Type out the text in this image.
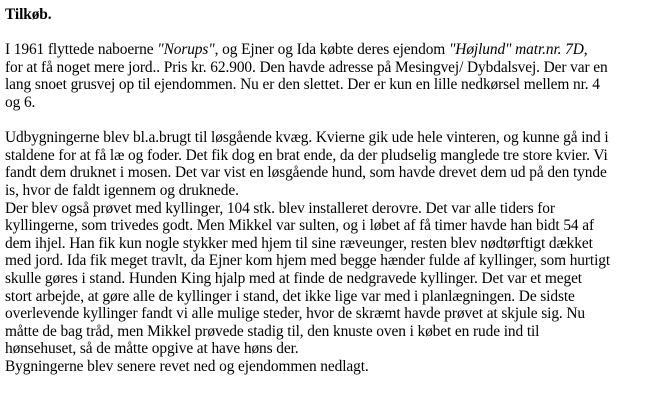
Tilkøb.
I 1961 flyttede naboerne "Norups", og Ejner og Ida købte deres ejendom "Højlund" matr.nr. 7D,
for at få noget mere jord.. Pris kr. 62.900. Den havde adresse på Mesingvej/ Dybdalsvej. Der var en
lang snoet grusvej op til ejendommen. Nu er den slettet. Der er kun en lille nedkørsel mellem nr. 4
og 6.
Udbygningerne blev bl.a.brugt til løsgående kvæg. Kvierne gik ude hele vinteren, og kunne gå ind i
staldene for at få læ og foder. Det fik dog en brat ende, da der pludselig manglede tre store kvier. Vi
fandt dem druknet i mosen. Det var vist en løsgående hund, som havde drevet dem ud på den tynde
is, hvor de faldt igennem og druknede.
Der blev også prøvet med kyllinger, 104 stk. blev installeret derovre. Det var alle tiders for
kyllingerne, som trivedes godt. Men Mikkel var sulten, og i løbet af få timer havde han bidt 54 af
dem ihjel. Han fik kun nogle stykker med hjem til sine rævеunger, resten blev nødtørftigt dækket
med jord. Ida fik meget travlt, da Ejner kom hjem med begge hænder fulde af kyllinger, som hurtigt
skulle gøres i stand. Hunden King hjalp med at finde de nedgravede kyllinger. Det var et meget
stort arbejde, at gøre alle de kyllinger i stand, det ikke lige var med i planlægningen. De sidste
overlevende kyllinger fandt vi alle mulige steder, hvor de skræmt havde prøvet at skjule sig. Nu
måtte de bag tråd, men Mikkel prøvede stadig til, den knuste oven i købet en rude ind til
hønsehuset, så de måtte opgive at have høns der.
Bygningerne blev senere revet ned og ejendommen nedlagt.
